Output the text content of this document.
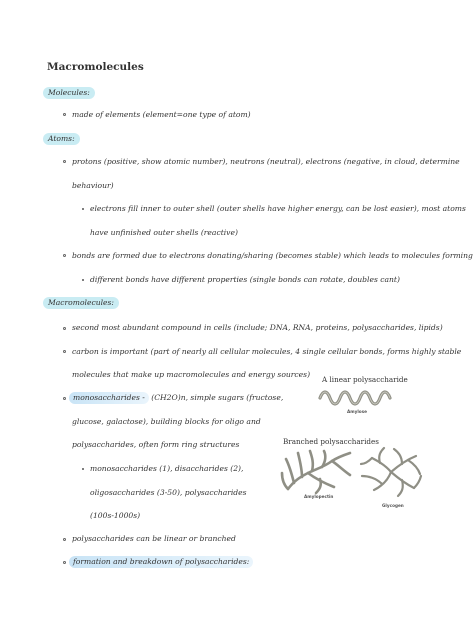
Macromolecules
Molecules:
made of elements (element=one type of atom)
Atoms:
protons (positive, show atomic number), neutrons (neutral), electrons (negative, in cloud, determine
behaviour)
electrons fill inner to outer shell (outer shells have higher energy, can be lost easier), most atoms
have unfinished outer shells (reactive)
bonds are formed due to electrons donating/sharing (becomes stable) which leads to molecules forming
different bonds have different properties (single bonds can rotate, doubles cant)
Macromolecules:
second most abundant compound in cells (include; DNA, RNA, proteins, polysaccharides, lipids)
carbon is important (part of nearly all cellular molecules, 4 single cellular bonds, forms highly stable
molecules that make up macromolecules and energy sources)
monosaccharides - (CH2O)n, simple sugars (fructose,
glucose, galactose), building blocks for oligo and
polysaccharides, often form ring structures
monosaccharides (1), disaccharides (2),
oligosaccharides (3-50), polysaccharides
(100s-1000s)
polysaccharides can be linear or branched
formation and breakdown of polysaccharides:
A linear polysaccharide
Amylose
Branched polysaccharides
Amylopectin
Glycogen
